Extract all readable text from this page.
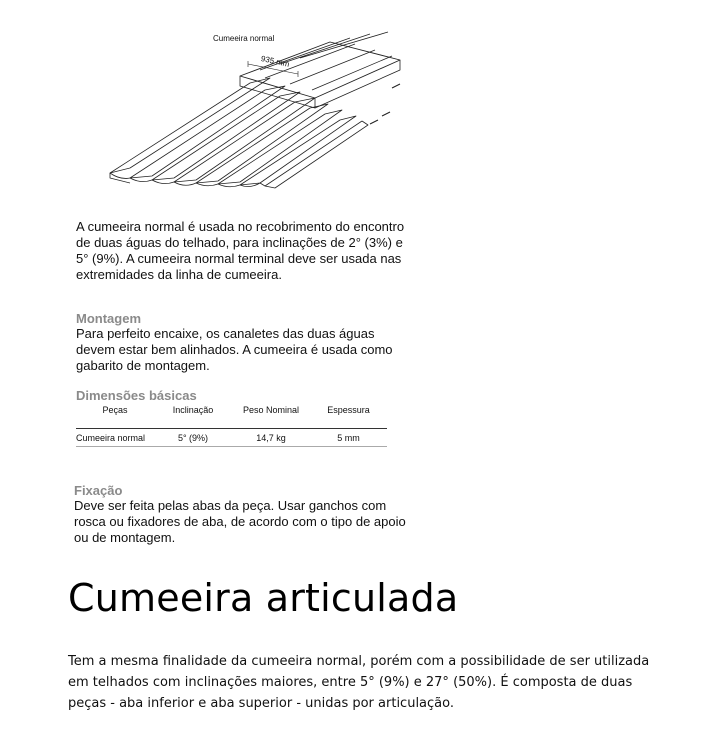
Cumeeira normal
935 mm

A cumeeira normal é usada no recobrimento do encontro de duas águas do telhado, para inclinações de 2° (3%) e 5° (9%). A cumeeira normal terminal deve ser usada nas extremidades da linha de cumeeira.

Montagem

Para perfeito encaixe, os canaletes das duas águas devem estar bem alinhados. A cumeeira é usada como gabarito de montagem.

Dimensões básicas
Peças	Inclinação	Peso Nominal	Espessura
Cumeeira normal	5° (9%)	14,7 kg	5 mm
Fixação

Deve ser feita pelas abas da peça. Usar ganchos com rosca ou fixadores de aba, de acordo com o tipo de apoio ou de montagem.

Cumeeira articulada

Tem a mesma finalidade da cumeeira normal, porém com a possibilidade de ser utilizada em telhados com inclinações maiores, entre 5° (9%) e 27° (50%). É composta de duas peças - aba inferior e aba superior - unidas por articulação.
